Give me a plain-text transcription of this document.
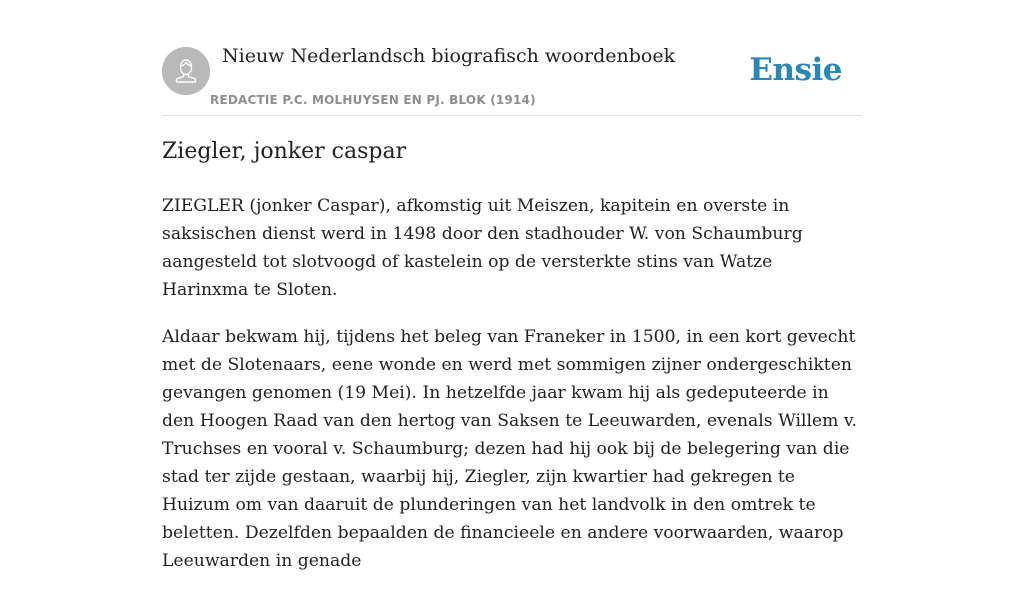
Nieuw Nederlandsch biografisch woordenboek
REDACTIE P.C. MOLHUYSEN EN PJ. BLOK (1914)
Ensie
Ziegler, jonker caspar

ZIEGLER (jonker Caspar), afkomstig uit Meiszen, kapitein en overste in saksischen dienst werd in 1498 door den stadhouder W. von Schaumburg aangesteld tot slotvoogd of kastelein op de versterkte stins van Watze Harinxma te Sloten.

Aldaar bekwam hij, tijdens het beleg van Franeker in 1500, in een kort gevecht met de Slotenaars, eene wonde en werd met sommigen zijner ondergeschikten gevangen genomen (19 Mei). In hetzelfde jaar kwam hij als gedeputeerde in den Hoogen Raad van den hertog van Saksen te Leeuwarden, evenals Willem v. Truchses en vooral v. Schaumburg; dezen had hij ook bij de belegering van die stad ter zijde gestaan, waarbij hij, Ziegler, zijn kwartier had gekregen te Huizum om van daaruit de plunderingen van het landvolk in den omtrek te beletten. Dezelfden bepaalden de financieele en andere voorwaarden, waarop Leeuwarden in genade
